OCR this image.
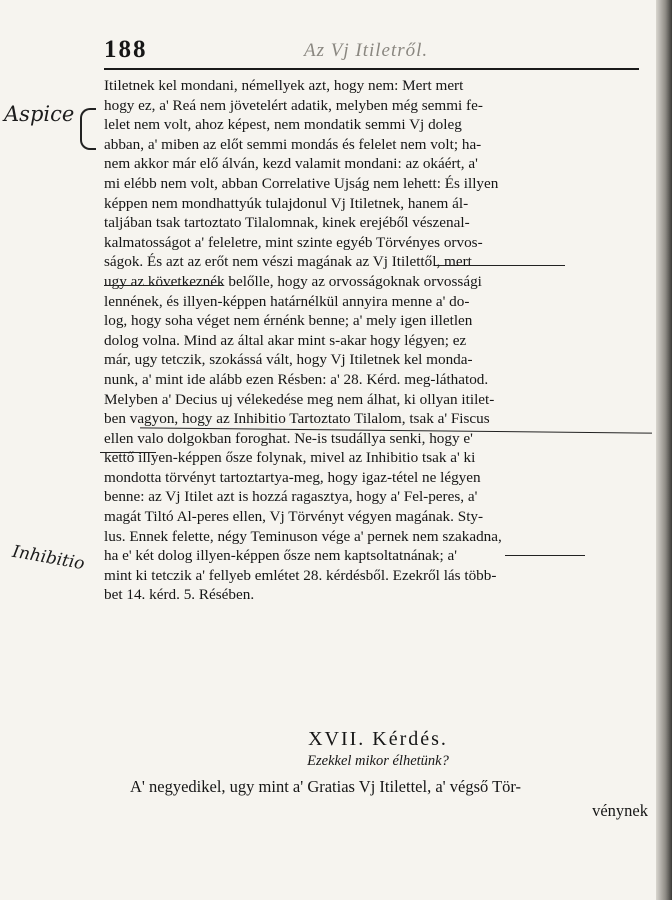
188	Az Vj Itiletről.
Aspice
Inhibitio
Itiletnek kel mondani, némellyek azt, hogy nem: Mert mert
hogy ez, a' Reá nem jövetelért adatik, melyben még semmi fe-
lelet nem volt, ahoz képest, nem mondatik semmi Vj doleg
abban, a' miben az előt semmi mondás és felelet nem volt; ha-
nem akkor már elő álván, kezd valamit mondani: az okáért, a'
mi elébb nem volt, abban Correlative Ujság nem lehett: És illyen
képpen nem mondhattyúk tulajdonul Vj Itiletnek, hanem ál-
taljában tsak tartoztato Tilalomnak, kinek erejéből vészenal-
kalmatosságot a' feleletre, mint szinte egyéb Törvényes orvos-
ságok. És azt az erőt nem vészi magának az Vj Itilettől, mert
ugy az következnék belőlle, hogy az orvosságoknak orvossági
lennének, és illyen-képpen határnélkül annyira menne a' do-
log, hogy soha véget nem érnénk benne; a' mely igen illetlen
dolog volna. Mind az által akar mint s-akar hogy légyen; ez
már, ugy tetczik, szokássá vált, hogy Vj Itiletnek kel monda-
nunk, a' mint ide alább ezen Résben: a' 28. Kérd. meg-láthatod.
Melyben a' Decius uj vélekedése meg nem álhat, ki ollyan itilet-
ben vagyon, hogy az Inhibitio Tartoztato Tilalom, tsak a' Fiscus
ellen valo dolgokban foroghat. Ne-is tsudállya senki, hogy e'
kettő illyen-képpen ősze folynak, mivel az Inhibitio tsak a' ki
mondotta törvényt tartoztartya-meg, hogy igaz-tétel ne légyen
benne: az Vj Itilet azt is hozzá ragasztya, hogy a' Fel-peres, a'
magát Tiltó Al-peres ellen, Vj Törvényt végyen magának. Sty-
lus. Ennek felette, négy Teminuson vége a' pernek nem szakadna,
ha e' két dolog illyen-képpen ősze nem kaptsoltatnának; a'
mint ki tetczik a' fellyeb emlétet 28. kérdésből. Ezekről lás több-
bet 14. kérd. 5. Résében.
XVII. Kérdés.
Ezekkel mikor élhetünk?
A' negyedikel, ugy mint a' Gratias Vj Itilettel, a' végső Tör-
vénynek
